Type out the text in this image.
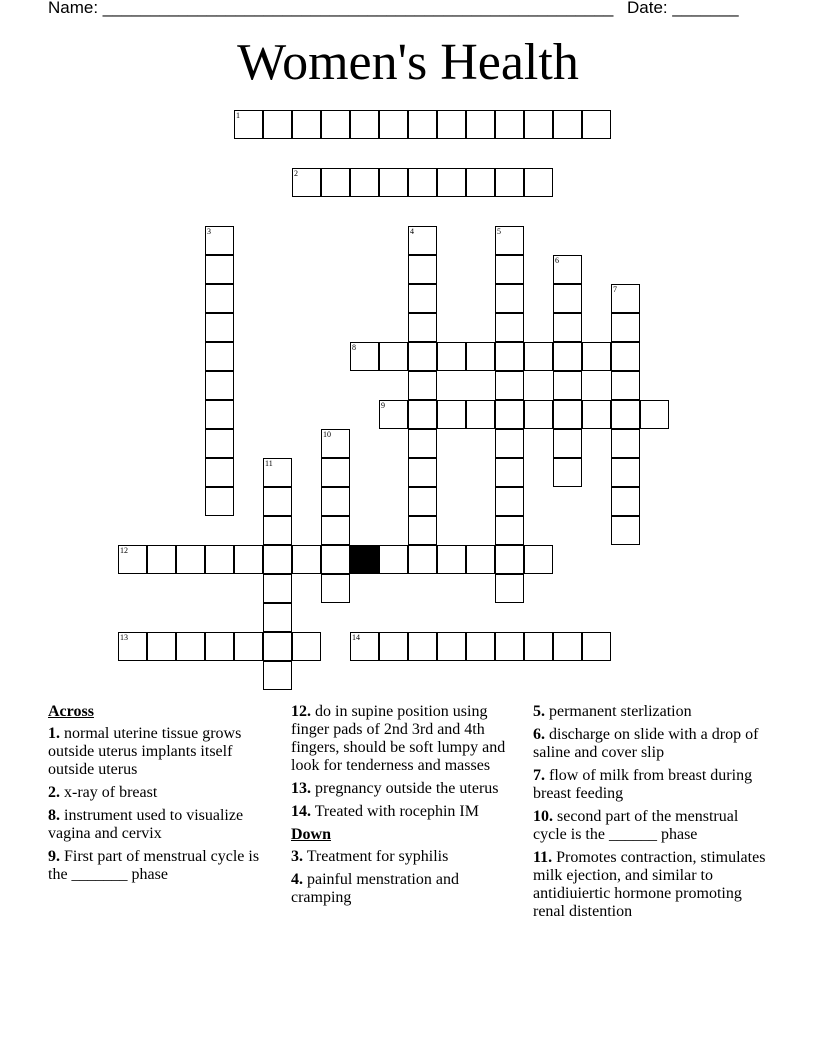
Name: ______________________________________________________ Date: _______
Women's Health
1
2
3	4	5
6
7
8
9
10
11
12
13	14
Across
1. normal uterine tissue grows outside uterus implants itself outside uterus
2. x-ray of breast
8. instrument used to visualize vagina and cervix
9. First part of menstrual cycle is the _______ phase
12. do in supine position using finger pads of 2nd 3rd and 4th fingers, should be soft lumpy and look for tenderness and masses
13. pregnancy outside the uterus
14. Treated with rocephin IM
Down
3. Treatment for syphilis
4. painful menstration and cramping
5. permanent sterlization
6. discharge on slide with a drop of saline and cover slip
7. flow of milk from breast during breast feeding
10. second part of the menstrual cycle is the ______ phase
11. Promotes contraction, stimulates milk ejection, and similar to antidiuiertic hormone promoting renal distention
